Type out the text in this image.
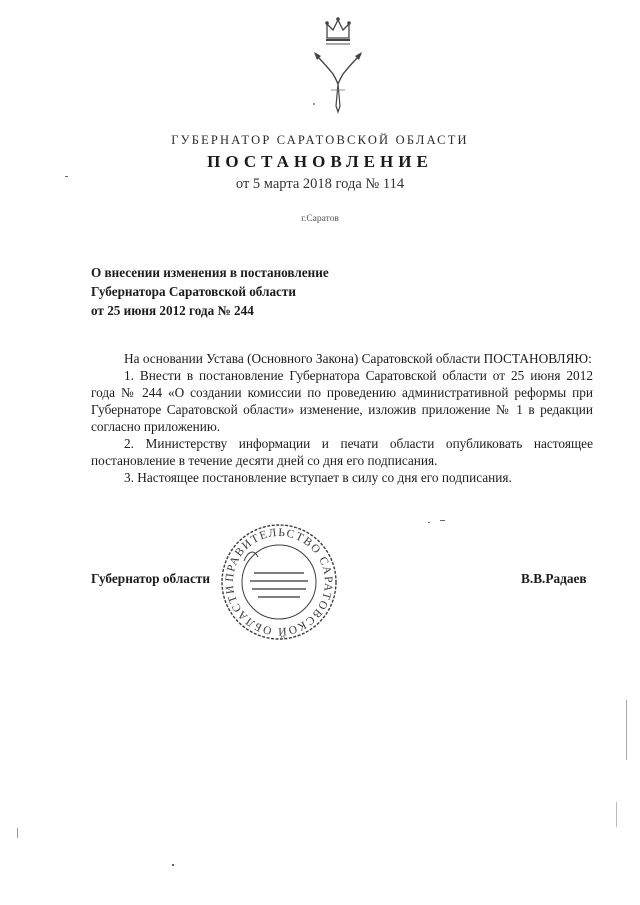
ГУБЕРНАТОР САРАТОВСКОЙ ОБЛАСТИ
ПОСТАНОВЛЕНИЕ
от 5 марта 2018 года № 114
г.Саратов
О внесении изменения в постановление
Губернатора Саратовской области
от 25 июня 2012 года № 244

На основании Устава (Основного Закона) Саратовской области ПОСТАНОВЛЯЮ:

1. Внести в постановление Губернатора Саратовской области от 25 июня 2012 года № 244 «О создании комиссии по проведению административной реформы при Губернаторе Саратовской области» изменение, изложив приложение № 1 в редакции согласно приложению.

2. Министерству информации и печати области опубликовать настоящее постановление в течение десяти дней со дня его подписания.

3. Настоящее постановление вступает в силу со дня его подписания.

Губернатор области	В.В.Радаев
ПРАВИТЕЛЬСТВО САРАТОВСКОЙ ОБЛАСТИ
